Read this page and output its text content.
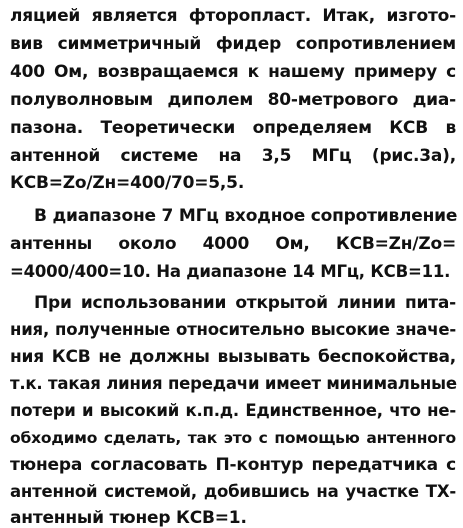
ляцией является фторопласт. Итак, изгото-
вив симметричный фидер сопротивлением
400 Ом, возвращаемся к нашему примеру с
полуволновым диполем 80-метрового диа-
пазона. Теоретически определяем КСВ в
антенной системе на 3,5 МГц (рис.3а),
КСВ=Zo/Zн=400/70=5,5.
В диапазоне 7 МГц входное сопротивление
антенны около 4000 Ом, КСВ=Zн/Zo=
=4000/400=10. На диапазоне 14 МГц, КСВ=11.
При использовании открытой линии пита-
ния, полученные относительно высокие значе-
ния КСВ не должны вызывать беспокойства,
т.к. такая линия передачи имеет минимальные
потери и высокий к.п.д. Единственное, что не-
обходимо сделать, так это с помощью антенного
тюнера согласовать П-контур передатчика с
антенной системой, добившись на участке ТХ-
антенный тюнер КСВ=1.
